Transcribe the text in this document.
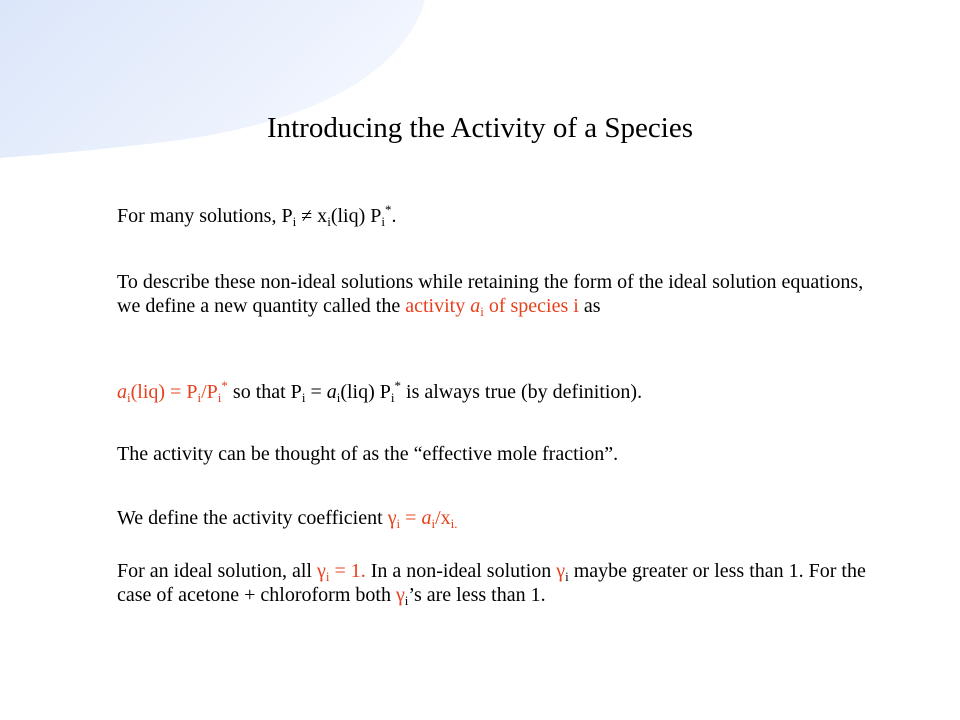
Introducing the Activity of a Species
For many solutions, $P_i \ne x_i(liq)$ $P_i^*$.
To describe these non-ideal solutions while retaining the form of the ideal solution equations, we define a new quantity called the activity $a_i$ of species i as
$a_i(liq) = P_i/P_i^*$ so that $P_i = a_i(liq)$ $P_i^*$ is always true (by definition).
The activity can be thought of as the “effective mole fraction”.
We define the activity coefficient $\gamma_i = a_i/x_{i.}$
For an ideal solution, all $\gamma_i = 1$. In a non-ideal solution $\gamma_i$ maybe greater or less than 1. For the case of acetone + chloroform both $\gamma_i’s$ are less than 1.
